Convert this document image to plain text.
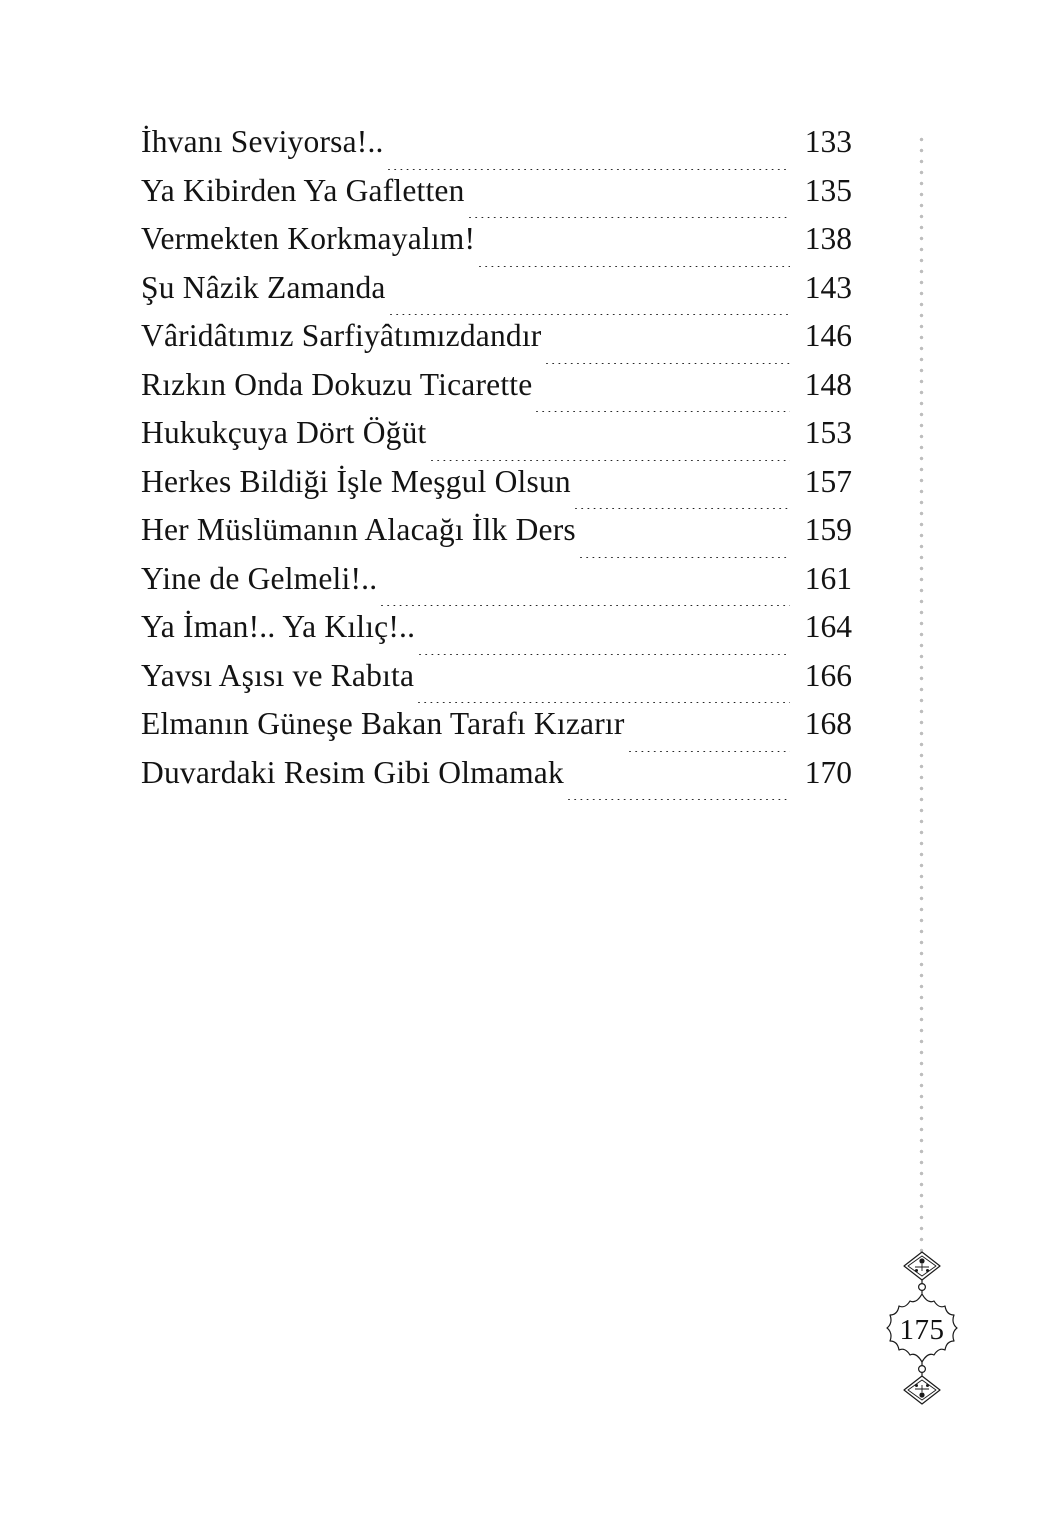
İhvanı Seviyorsa!..	133
Ya Kibirden Ya Gafletten	135
Vermekten Korkmayalım!	138
Şu Nâzik Zamanda	143
Vâridâtımız Sarfiyâtımızdandır	146
Rızkın Onda Dokuzu Ticarette	148
Hukukçuya Dört Öğüt	153
Herkes Bildiği İşle Meşgul Olsun	157
Her Müslümanın Alacağı İlk Ders	159
Yine de Gelmeli!..	161
Ya İman!.. Ya Kılıç!..	164
Yavsı Aşısı ve Rabıta	166
Elmanın Güneşe Bakan Tarafı Kızarır	168
Duvardaki Resim Gibi Olmamak	170
175
